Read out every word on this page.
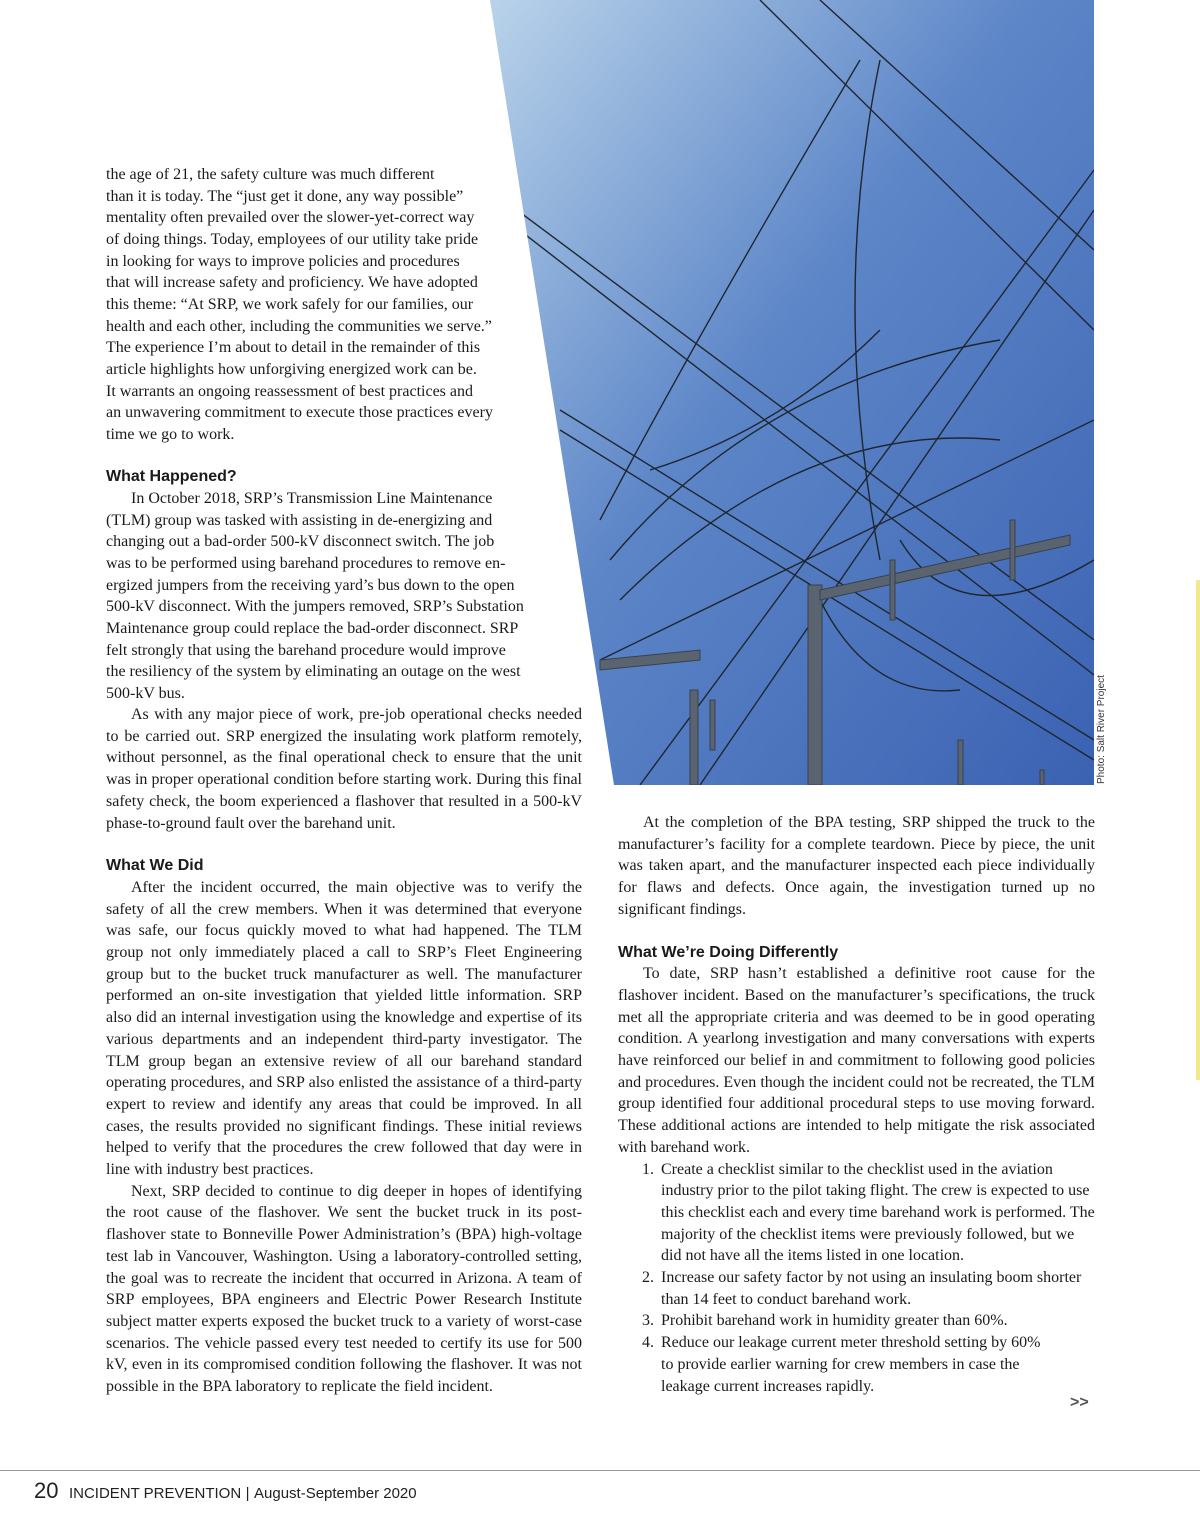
Photo: Salt River Project
the age of 21, the safety culture was much different
than it is today. The “just get it done, any way possible”
mentality often prevailed over the slower-yet-correct way
of doing things. Today, employees of our utility take pride
in looking for ways to improve policies and procedures
that will increase safety and proficiency. We have adopted
this theme: “At SRP, we work safely for our families, our
health and each other, including the communities we serve.”
The experience I’m about to detail in the remainder of this
article highlights how unforgiving energized work can be.
It warrants an ongoing reassessment of best practices and
an unwavering commitment to execute those practices every
time we go to work.
What Happened?
In October 2018, SRP’s Transmission Line Maintenance
(TLM) group was tasked with assisting in de-energizing and
changing out a bad-order 500-kV disconnect switch. The job
was to be performed using barehand procedures to remove en-
ergized jumpers from the receiving yard’s bus down to the open
500-kV disconnect. With the jumpers removed, SRP’s Substation
Maintenance group could replace the bad-order disconnect. SRP
felt strongly that using the barehand procedure would improve
the resiliency of the system by eliminating an outage on the west
500-kV bus.

As with any major piece of work, pre-job operational checks needed to be carried out. SRP energized the insulating work platform remotely, without personnel, as the final operational check to ensure that the unit was in proper operational condition before starting work. During this final safety check, the boom experienced a flashover that resulted in a 500-kV phase-to-ground fault over the barehand unit.

What We Did

After the incident occurred, the main objective was to verify the safety of all the crew members. When it was determined that everyone was safe, our focus quickly moved to what had happened. The TLM group not only immediately placed a call to SRP’s Fleet Engineering group but to the bucket truck manufacturer as well. The manufacturer performed an on-site investigation that yielded little information. SRP also did an internal investigation using the knowledge and expertise of its various departments and an independent third-party investigator. The TLM group began an extensive review of all our barehand standard operating procedures, and SRP also enlisted the assistance of a third-party expert to review and identify any areas that could be improved. In all cases, the results provided no significant findings. These initial reviews helped to verify that the procedures the crew followed that day were in line with industry best practices.

Next, SRP decided to continue to dig deeper in hopes of identifying the root cause of the flashover. We sent the bucket truck in its post-flashover state to Bonneville Power Administration’s (BPA) high-voltage test lab in Vancouver, Washington. Using a laboratory-controlled setting, the goal was to recreate the incident that occurred in Arizona. A team of SRP employees, BPA engineers and Electric Power Research Institute subject matter experts exposed the bucket truck to a variety of worst-case scenarios. The vehicle passed every test needed to certify its use for 500 kV, even in its compromised condition following the flashover. It was not possible in the BPA laboratory to replicate the field incident.

At the completion of the BPA testing, SRP shipped the truck to the manufacturer’s facility for a complete teardown. Piece by piece, the unit was taken apart, and the manufacturer inspected each piece individually for flaws and defects. Once again, the investigation turned up no significant findings.

What We’re Doing Differently

To date, SRP hasn’t established a definitive root cause for the flashover incident. Based on the manufacturer’s specifications, the truck met all the appropriate criteria and was deemed to be in good operating condition. A yearlong investigation and many conversations with experts have reinforced our belief in and commitment to following good policies and procedures. Even though the incident could not be recreated, the TLM group identified four additional procedural steps to use moving forward. These additional actions are intended to help mitigate the risk associated with barehand work.

1. Create a checklist similar to the checklist used in the aviation industry prior to the pilot taking flight. The crew is expected to use this checklist each and every time barehand work is performed. The majority of the checklist items were previously followed, but we did not have all the items listed in one location.
2. Increase our safety factor by not using an insulating boom shorter than 14 feet to conduct barehand work.
3. Prohibit barehand work in humidity greater than 60%.
4. Reduce our leakage current meter threshold setting by 60% to provide earlier warning for crew members in case the leakage current increases rapidly.
>>
20 INCIDENT PREVENTION | August-September 2020
